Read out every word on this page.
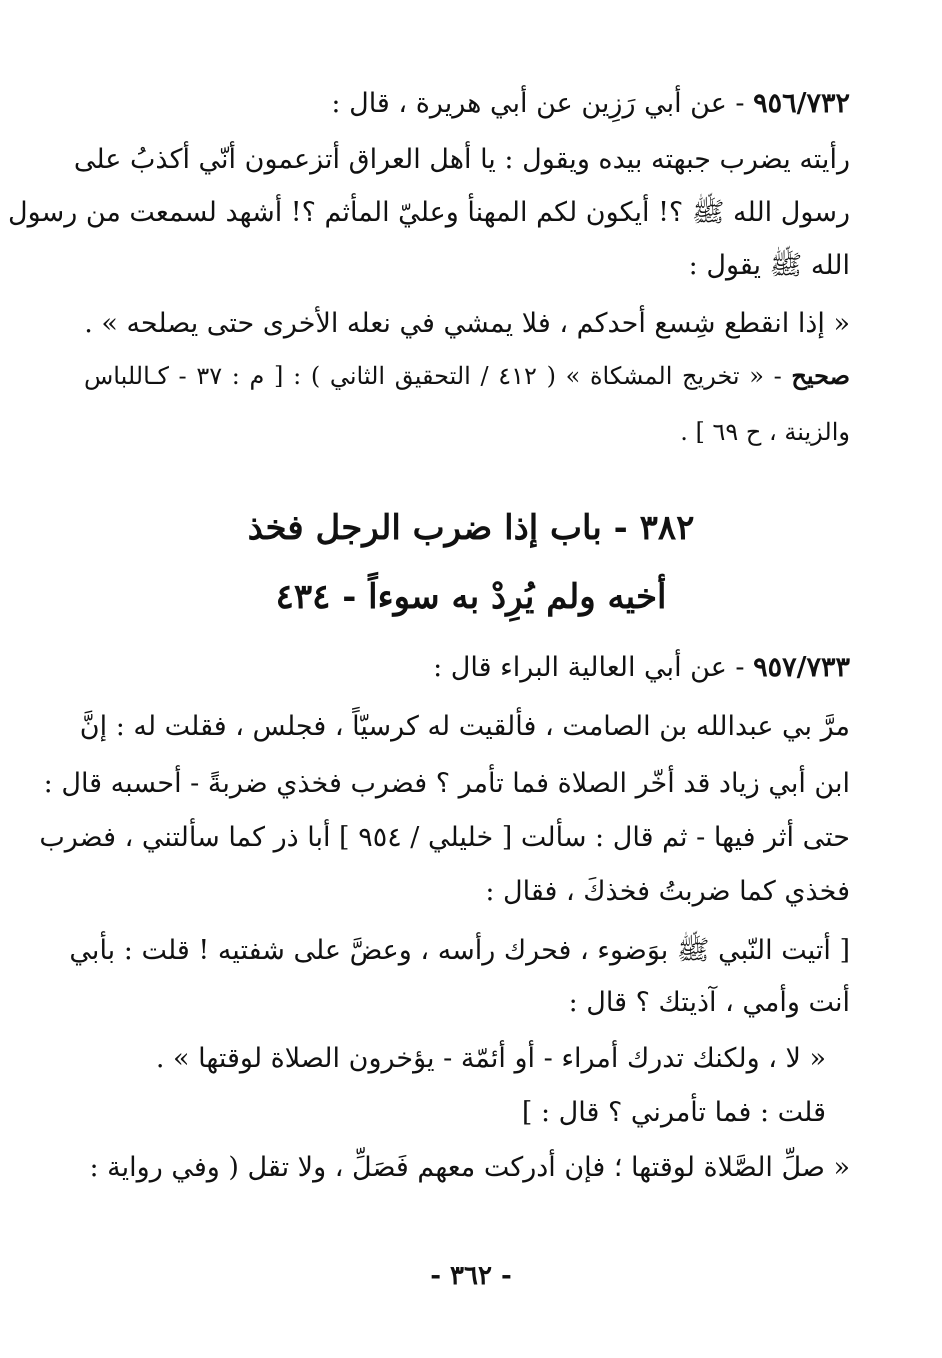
٩٥٦/٧٣٢ - عن أبي رَزِين عن أبي هريرة ، قال :
رأيته يضرب جبهته بيده ويقول : يا أهل العراق أتزعمون أنّي أكذبُ على
رسول الله ﷺ ؟! أيكون لكم المهنأ وعليّ المأثم ؟! أشهد لسمعت من رسول
الله ﷺ يقول :
« إذا انقطع شِسع أحدكم ، فلا يمشي في نعله الأخرى حتى يصلحه » .
صحيح - « تخريج المشكاة » ( ٤١٢ / التحقيق الثاني ) : [ م : ٣٧ - كـاللباس
والزينة ، ح ٦٩ ] .
٣٨٢ - باب إذا ضرب الرجل فخذ
أخيه ولم يُرِدْ به سوءاً - ٤٣٤
٩٥٧/٧٣٣ - عن أبي العالية البراء قال :
مرَّ بي عبدالله بن الصامت ، فألقيت له كرسيّاً ، فجلس ، فقلت له : إنَّ
ابن أبي زياد قد أخّر الصلاة فما تأمر ؟ فضرب فخذي ضربةً - أحسبه قال :
حتى أثر فيها - ثم قال : سألت [ خليلي / ٩٥٤ ] أبا ذر كما سألتني ، فضرب
فخذي كما ضربتُ فخذكَ ، فقال :
[ أتيت النّبي ﷺ بوَضوء ، فحرك رأسه ، وعضَّ على شفتيه ! قلت : بأبي
أنت وأمي ، آذيتك ؟ قال :
« لا ، ولكنك تدرك أمراء - أو أئمّة - يؤخرون الصلاة لوقتها » .
قلت : فما تأمرني ؟ قال : ]
« صلِّ الصَّلاة لوقتها ؛ فإن أدركت معهم فَصَلِّ ، ولا تقل ( وفي رواية :
- ٣٦٢ -
